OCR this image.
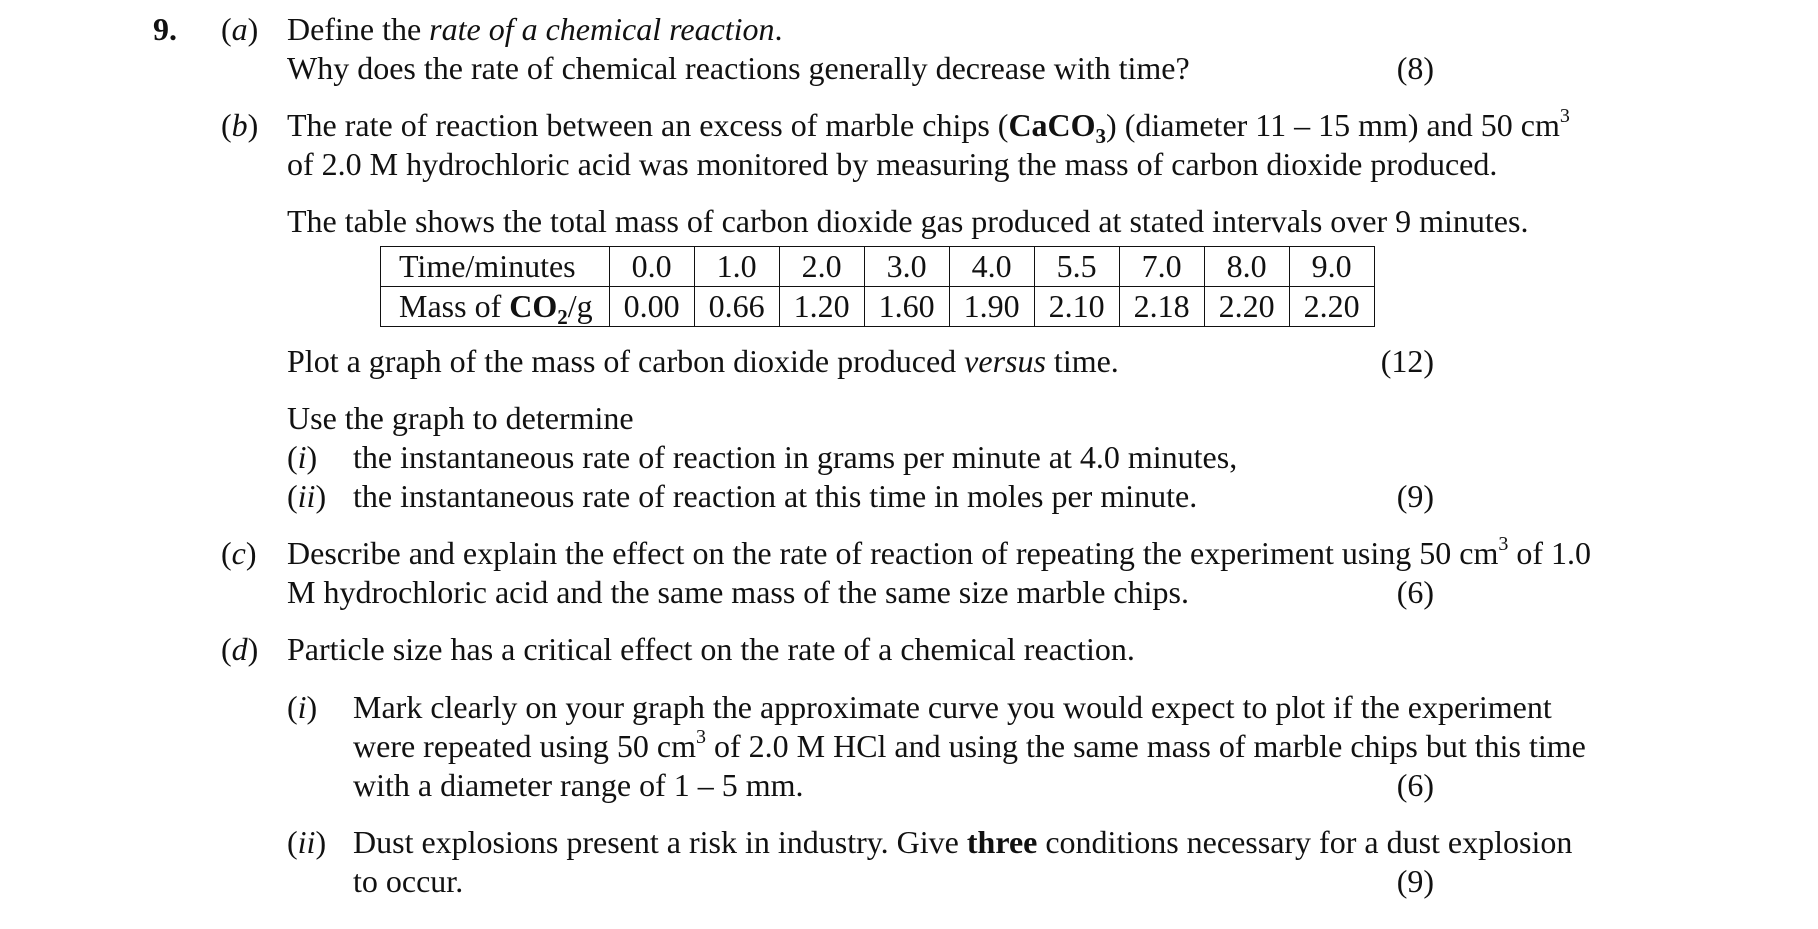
9. (a) Define the rate of a chemical reaction.
Why does the rate of chemical reactions generally decrease with time?	(8)
(b) The rate of reaction between an excess of marble chips (CaCO$_3$) (diameter 11 – 15 mm) and 50 $cm^3$
of 2.0 M hydrochloric acid was monitored by measuring the mass of carbon dioxide produced.
The table shows the total mass of carbon dioxide gas produced at stated intervals over 9 minutes.
Time/minutes	0.0	1.0	2.0	3.0	4.0	5.5	7.0	8.0	9.0
Mass of $CO_2/g$	0.00	0.66	1.20	1.60	1.90	2.10	2.18	2.20	2.20
Plot a graph of the mass of carbon dioxide produced versus time.	(12)
Use the graph to determine
(i) the instantaneous rate of reaction in grams per minute at 4.0 minutes,
(ii) the instantaneous rate of reaction at this time in moles per minute.	(9)
(c) Describe and explain the effect on the rate of reaction of repeating the experiment using 50 $cm^3$ of 1.0
M hydrochloric acid and the same mass of the same size marble chips.	(6)
(d) Particle size has a critical effect on the rate of a chemical reaction.
(i) Mark clearly on your graph the approximate curve you would expect to plot if the experiment
were repeated using 50 $cm^3$ of 2.0 M HCl and using the same mass of marble chips but this time
with a diameter range of 1 – 5 mm.	(6)
(ii) Dust explosions present a risk in industry. Give three conditions necessary for a dust explosion
to occur.	(9)
